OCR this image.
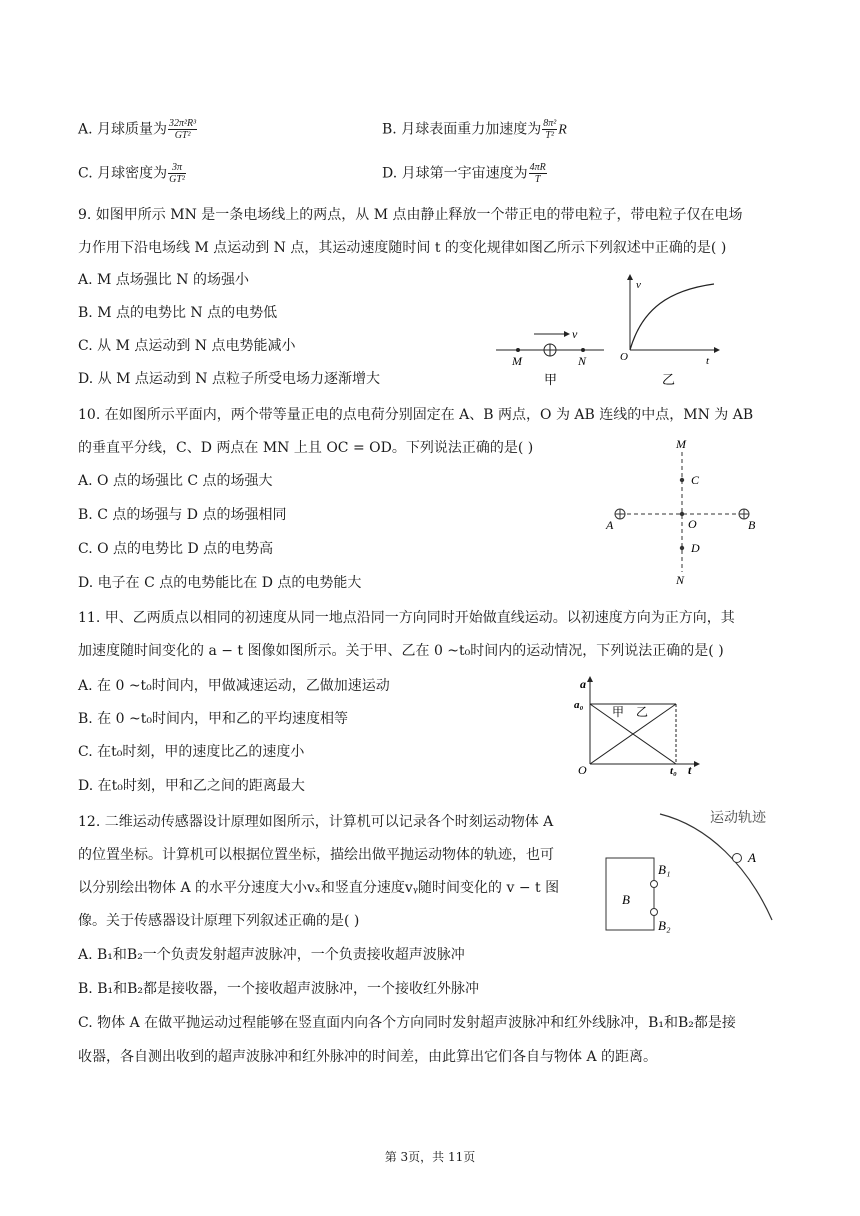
A. 月球质量为 $\frac{\text{32π²R³}}{\text{GT²}}$	B. 月球表面重力加速度为 $\frac{\text{8π²}}{\text{T²}}$ R
C. 月球密度为 $\frac{3\pi}{\text{GT²}}$	D. 月球第一宇宙速度为 $\frac{4\pi R}{T}$
9. 如图甲所示 MN 是一条电场线上的两点，从 M 点由静止释放一个带正电的带电粒子，带电粒子仅在电场
力作用下沿电场线 M 点运动到 N 点，其运动速度随时间 t 的变化规律如图乙所示下列叙述中正确的是( )
A. M 点场强比 N 的场强小
B. M 点的电势比 N 点的电势低
C. 从 M 点运动到 N 点电势能减小
D. 从 M 点运动到 N 点粒子所受电场力逐渐增大
v
M	N
甲
v
O	t
乙
10. 在如图所示平面内，两个带等量正电的点电荷分别固定在 A、B 两点，O 为 AB 连线的中点，MN 为 AB
的垂直平分线，C、D 两点在 MN 上且 OC = OD。下列说法正确的是( )
A. O 点的场强比 C 点的场强大
B. C 点的场强与 D 点的场强相同
C. O 点的电势比 D 点的电势高
D. 电子在 C 点的电势能比在 D 点的电势能大
M
C
A	O	B
D
N
11. 甲、乙两质点以相同的初速度从同一地点沿同一方向同时开始做直线运动。以初速度方向为正方向，其
加速度随时间变化的 a − t 图像如图所示。关于甲、乙在 0 ~t₀时间内的运动情况，下列说法正确的是( )
A. 在 0 ~t₀时间内，甲做减速运动，乙做加速运动
B. 在 0 ~t₀时间内，甲和乙的平均速度相等
C. 在t₀时刻，甲的速度比乙的速度小
D. 在t₀时刻，甲和乙之间的距离最大
a
a₀ 甲 乙
O	t₀ t
12. 二维运动传感器设计原理如图所示，计算机可以记录各个时刻运动物体 A
的位置坐标。计算机可以根据位置坐标，描绘出做平抛运动物体的轨迹，也可
以分别绘出物体 A 的水平分速度大小vₓ和竖直分速度vᵧ随时间变化的 v − t 图
像。关于传感器设计原理下列叙述正确的是( )
A. B₁和B₂一个负责发射超声波脉冲，一个负责接收超声波脉冲
B. B₁和B₂都是接收器，一个接收超声波脉冲，一个接收红外脉冲
C. 物体 A 在做平抛运动过程能够在竖直面内向各个方向同时发射超声波脉冲和红外线脉冲，B₁和B₂都是接
收器，各自测出收到的超声波脉冲和红外脉冲的时间差，由此算出它们各自与物体 A 的距离。
运动轨迹
A
B
B₁
B₂
第 3页，共 11页
